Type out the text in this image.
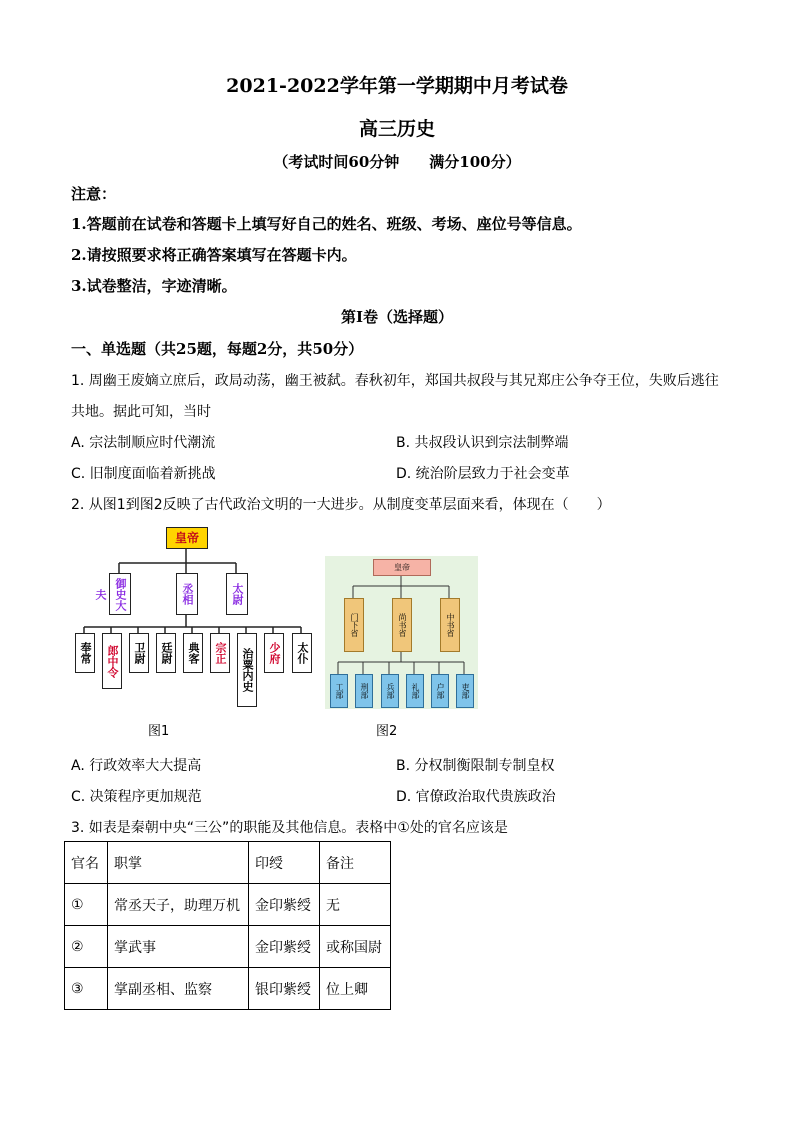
2021-2022学年第一学期期中月考试卷
高三历史
（考试时间60分钟　　满分100分）
注意：
1.答题前在试卷和答题卡上填写好自己的姓名、班级、考场、座位号等信息。
2.请按照要求将正确答案填写在答题卡内。
3.试卷整洁，字迹清晰。
第I卷（选择题）
一、单选题（共25题，每题2分，共50分）
1. 周幽王废嫡立庶后，政局动荡，幽王被弑。春秋初年，郑国共叔段与其兄郑庄公争夺王位，失败后逃往
共地。据此可知，当时
A. 宗法制顺应时代潮流	B. 共叔段认识到宗法制弊端
C. 旧制度面临着新挑战	D. 统治阶层致力于社会变革
2. 从图1到图2反映了古代政治文明的一大进步。从制度变革层面来看，体现在（　　）
皇帝
御史大夫	丞相	太尉
奉常	郎中令	卫尉	廷尉	典客	宗正	治粟内史	少府	太仆
图1
皇帝
门下省	尚书省	中书省
工部	刑部	兵部	礼部	户部	吏部
图2
A. 行政效率大大提高	B. 分权制衡限制专制皇权
C. 决策程序更加规范	D. 官僚政治取代贵族政治
3. 如表是秦朝中央“三公”的职能及其他信息。表格中①处的官名应该是
官名	职掌	印绶	备注
①	常丞天子，助理万机	金印紫绶	无
②	掌武事	金印紫绶	或称国尉
③	掌副丞相、监察	银印紫绶	位上卿
